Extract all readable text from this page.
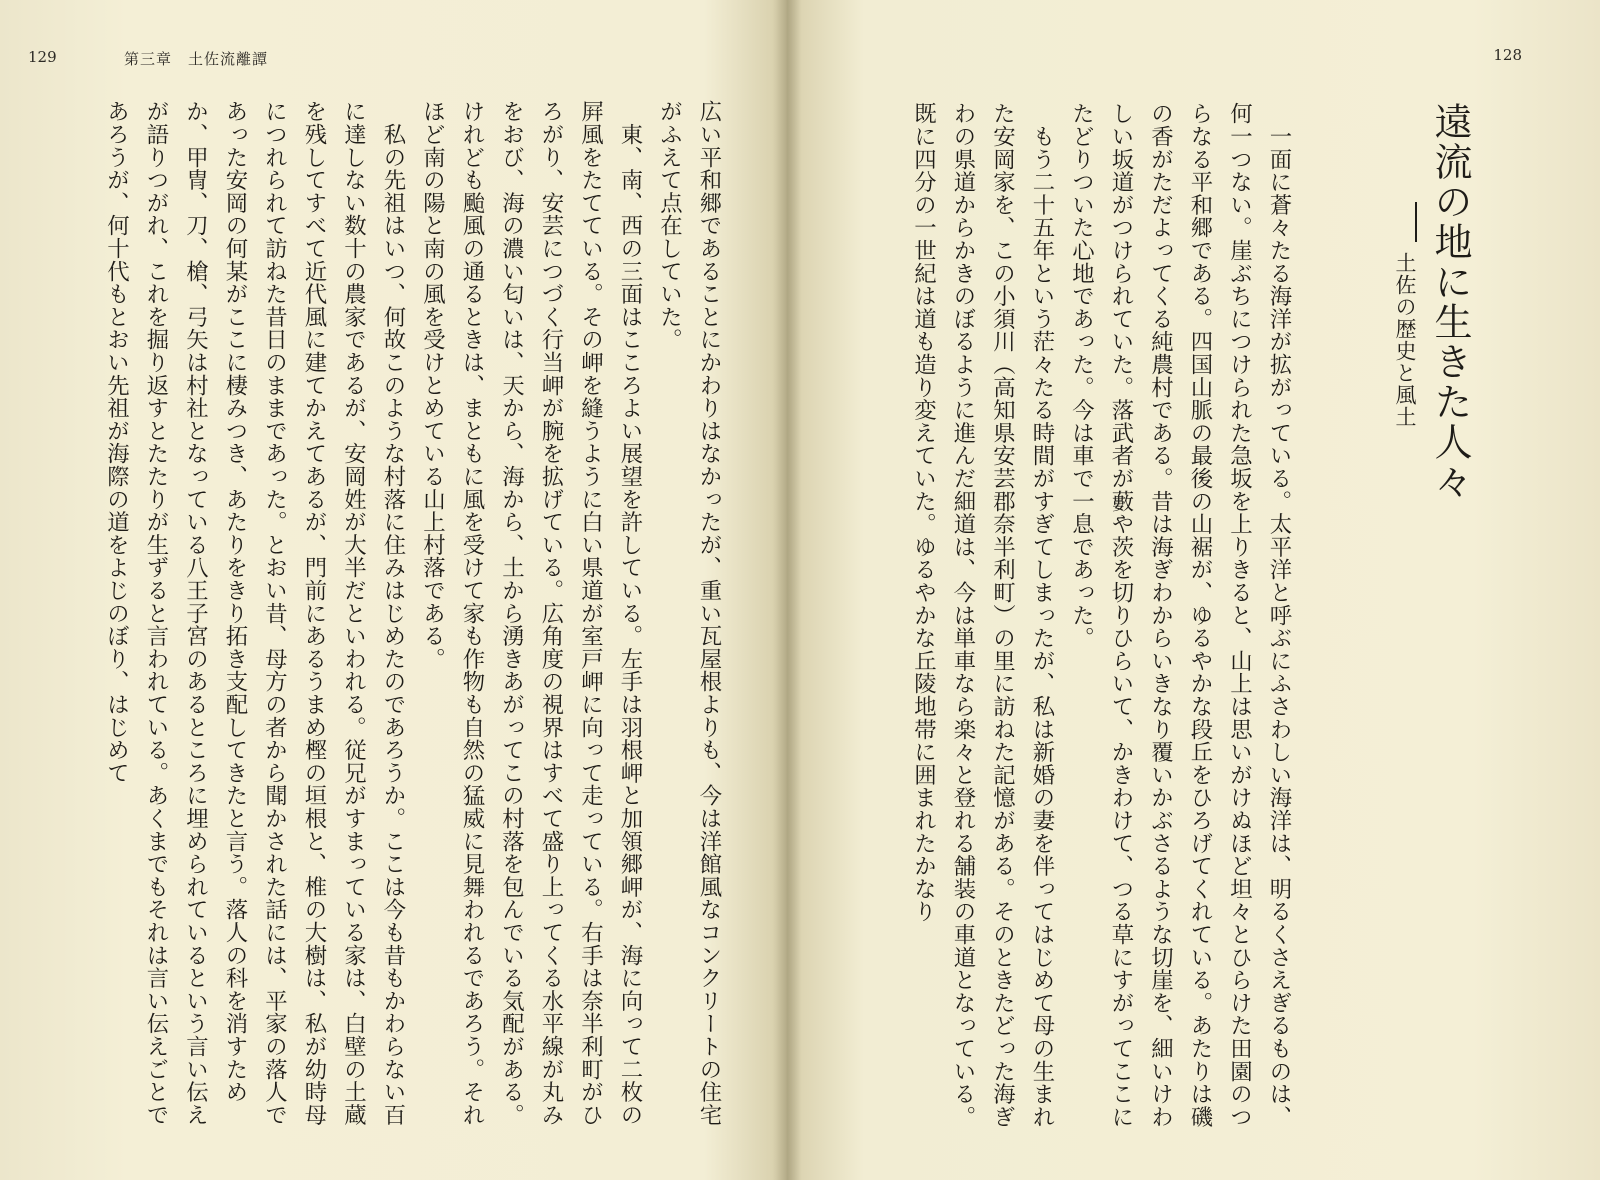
129	第三章　土佐流離譚
広い平和郷であることにかわりはなかったが、重い瓦屋根よりも、今は洋館風なコンクリートの住宅がふえて点在していた。
　東、南、西の三面はこころよい展望を許している。左手は羽根岬と加領郷岬が、海に向って二枚の屛風をたてている。その岬を縫うように白い県道が室戸岬に向って走っている。右手は奈半利町がひろがり、安芸につづく行当岬が腕を拡げている。広角度の視界はすべて盛り上ってくる水平線が丸みをおび、海の濃い匂いは、天から、海から、土から湧きあがってこの村落を包んでいる気配がある。けれども颱風の通るときは、まともに風を受けて家も作物も自然の猛威に見舞われるであろう。それほど南の陽と南の風を受けとめている山上村落である。
　私の先祖はいつ、何故このような村落に住みはじめたのであろうか。ここは今も昔もかわらない百に達しない数十の農家であるが、安岡姓が大半だといわれる。従兄がすまっている家は、白壁の土蔵を残してすべて近代風に建てかえてあるが、門前にあるうまめ樫の垣根と、椎の大樹は、私が幼時母につれられて訪ねた昔日のままであった。とおい昔、母方の者から聞かされた話には、平家の落人であった安岡の何某がここに棲みつき、あたりをきり拓き支配してきたと言う。落人の科を消すためか、甲冑、刀、槍、弓矢は村社となっている八王子宮のあるところに埋められているという言い伝えが語りつがれ、これを掘り返すとたたりが生ずると言われている。あくまでもそれは言い伝えごとであろうが、何十代もとおい先祖が海際の道をよじのぼり、はじめて
128
遠流の地に生きた人々
土佐の歴史と風土
　一面に蒼々たる海洋が拡がっている。太平洋と呼ぶにふさわしい海洋は、明るくさえぎるものは、何一つない。崖ぶちにつけられた急坂を上りきると、山上は思いがけぬほど坦々とひらけた田園のつらなる平和郷である。四国山脈の最後の山裾が、ゆるやかな段丘をひろげてくれている。あたりは磯の香がただよってくる純農村である。昔は海ぎわからいきなり覆いかぶさるような切崖を、細いけわしい坂道がつけられていた。落武者が藪や茨を切りひらいて、かきわけて、つる草にすがってここにたどりついた心地であった。今は車で一息であった。
　もう二十五年という茫々たる時間がすぎてしまったが、私は新婚の妻を伴ってはじめて母の生まれた安岡家を、この小須川（高知県安芸郡奈半利町）の里に訪ねた記憶がある。そのときたどった海ぎわの県道からかきのぼるように進んだ細道は、今は単車なら楽々と登れる舗装の車道となっている。既に四分の一世紀は道も造り変えていた。ゆるやかな丘陵地帯に囲まれたかなり
